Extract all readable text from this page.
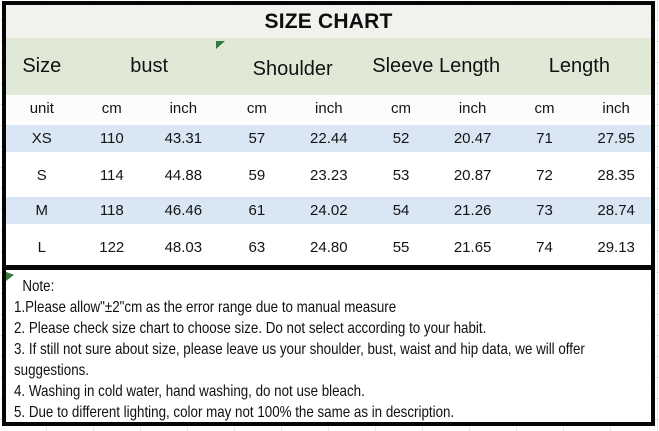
SIZE CHART
Size	bust		Shoulder		Sleeve Length		Length	
unit	cm	inch	cm	inch	cm	inch	cm	inch
XS	110	43.31	57	22.44	52	20.47	71	27.95
S	114	44.88	59	23.23	53	20.87	72	28.35
M	118	46.46	61	24.02	54	21.26	73	28.74
L	122	48.03	63	24.80	55	21.65	74	29.13
Note:
1.Please allow"±2"cm as the error range due to manual measure
2. Please check size chart to choose size. Do not select according to your habit.
3. If still not sure about size, please leave us your shoulder, bust, waist and hip data, we will offer
suggestions.
4. Washing in cold water, hand washing, do not use bleach.
5. Due to different lighting, color may not 100% the same as in description.
